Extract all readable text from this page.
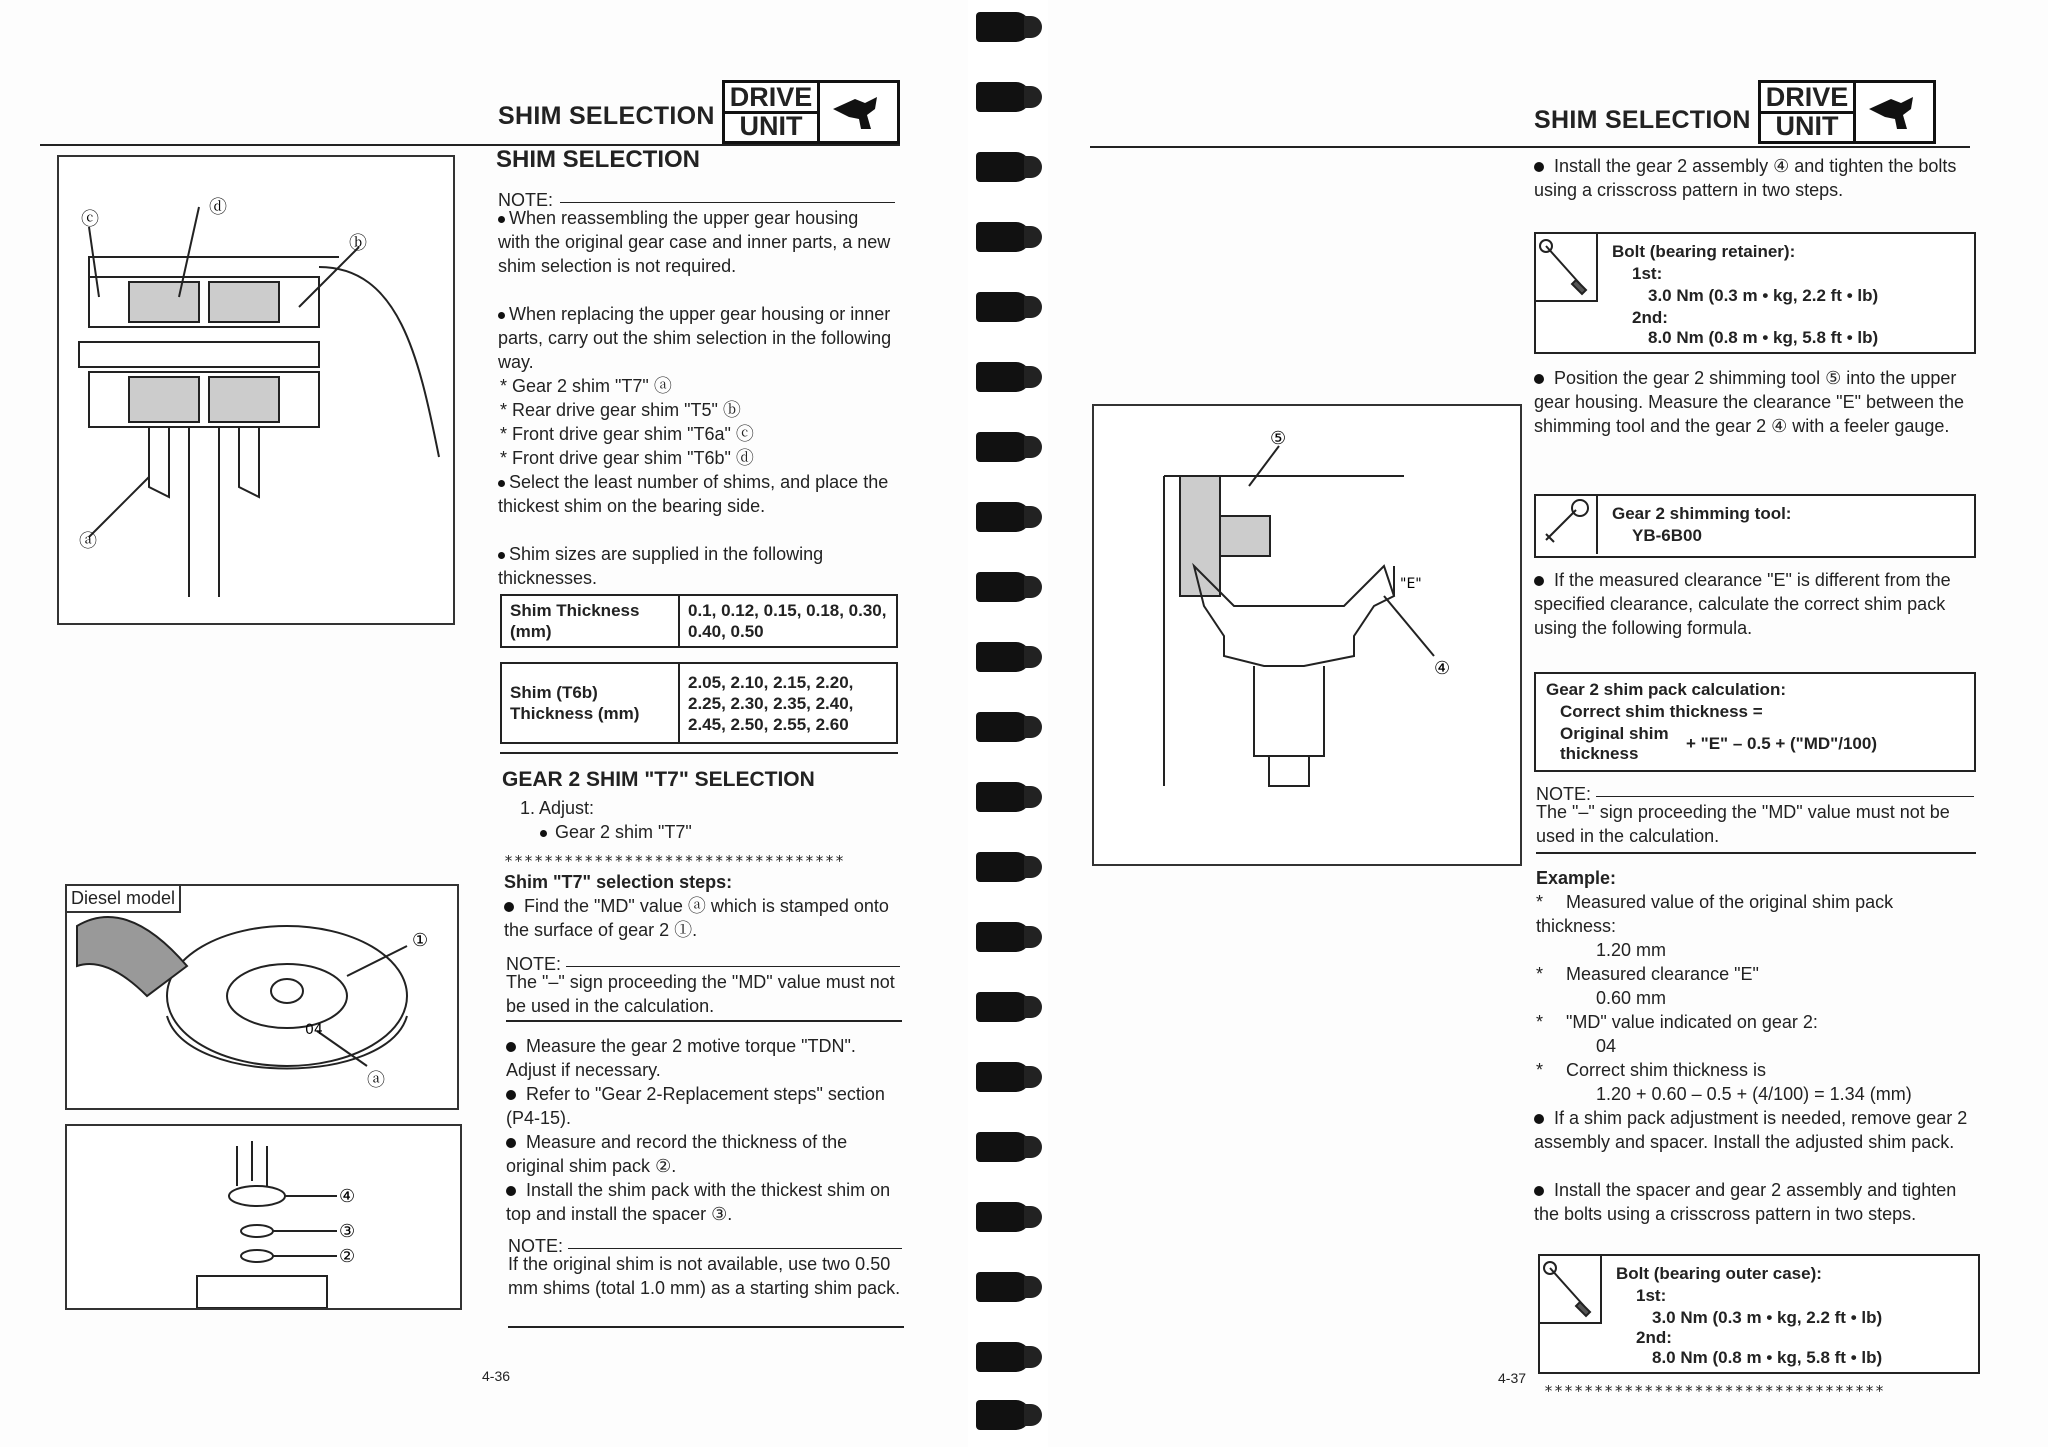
SHIM SELECTION
DRIVE
UNIT
ⓒ
ⓓ
ⓑ
ⓐ
Diesel model
①
ⓐ
04
④
③
②
SHIM SELECTION
NOTE:
When reassembling the upper gear housing with the original gear case and inner parts, a new shim selection is not required.
When replacing the upper gear housing or inner parts, carry out the shim selection in the following way.
* Gear 2 shim "T7" ⓐ
* Rear drive gear shim "T5" ⓑ
* Front drive gear shim "T6a" ⓒ
* Front drive gear shim "T6b" ⓓ
Select the least number of shims, and place the thickest shim on the bearing side.
Shim sizes are supplied in the following thicknesses.
Shim Thickness (mm)	0.1, 0.12, 0.15, 0.18, 0.30, 0.40, 0.50
Shim (T6b) Thickness (mm)	2.05, 2.10, 2.15, 2.20, 2.25, 2.30, 2.35, 2.40, 2.45, 2.50, 2.55, 2.60
GEAR 2 SHIM "T7" SELECTION
1. Adjust:
Gear 2 shim "T7"
**********************************
Shim "T7" selection steps:
Find the "MD" value ⓐ which is stamped onto the surface of gear 2 ①.
NOTE:
The "–" sign proceeding the "MD" value must not be used in the calculation.
Measure the gear 2 motive torque "TDN". Adjust if necessary.
Refer to "Gear 2-Replacement steps" section (P4-15).
Measure and record the thickness of the original shim pack ②.
Install the shim pack with the thickest shim on top and install the spacer ③.
NOTE:
If the original shim is not available, use two 0.50 mm shims (total 1.0 mm) as a starting shim pack.
4-36
SHIM SELECTION
DRIVE
UNIT
⑤
"E"
④
Install the gear 2 assembly ④ and tighten the bolts using a crisscross pattern in two steps.
Bolt (bearing retainer):
1st:
3.0 Nm (0.3 m • kg, 2.2 ft • lb)
2nd:
8.0 Nm (0.8 m • kg, 5.8 ft • lb)
Position the gear 2 shimming tool ⑤ into the upper gear housing. Measure the clearance "E" between the shimming tool and the gear 2 ④ with a feeler gauge.
Gear 2 shimming tool:
YB-6B00
If the measured clearance "E" is different from the specified clearance, calculate the correct shim pack using the following formula.
Gear 2 shim pack calculation:
Correct shim thickness =
Original shim
thickness
+ "E" – 0.5 + ("MD"/100)
NOTE:
The "–" sign proceeding the "MD" value must not be used in the calculation.
Example:
* Measured value of the original shim pack thickness:
1.20 mm
* Measured clearance "E"
0.60 mm
* "MD" value indicated on gear 2:
04
* Correct shim thickness is
1.20 + 0.60 – 0.5 + (4/100) = 1.34 (mm)
If a shim pack adjustment is needed, remove gear 2 assembly and spacer. Install the adjusted shim pack.
Install the spacer and gear 2 assembly and tighten the bolts using a crisscross pattern in two steps.
Bolt (bearing outer case):
1st:
3.0 Nm (0.3 m • kg, 2.2 ft • lb)
2nd:
8.0 Nm (0.8 m • kg, 5.8 ft • lb)
4-37
**********************************
